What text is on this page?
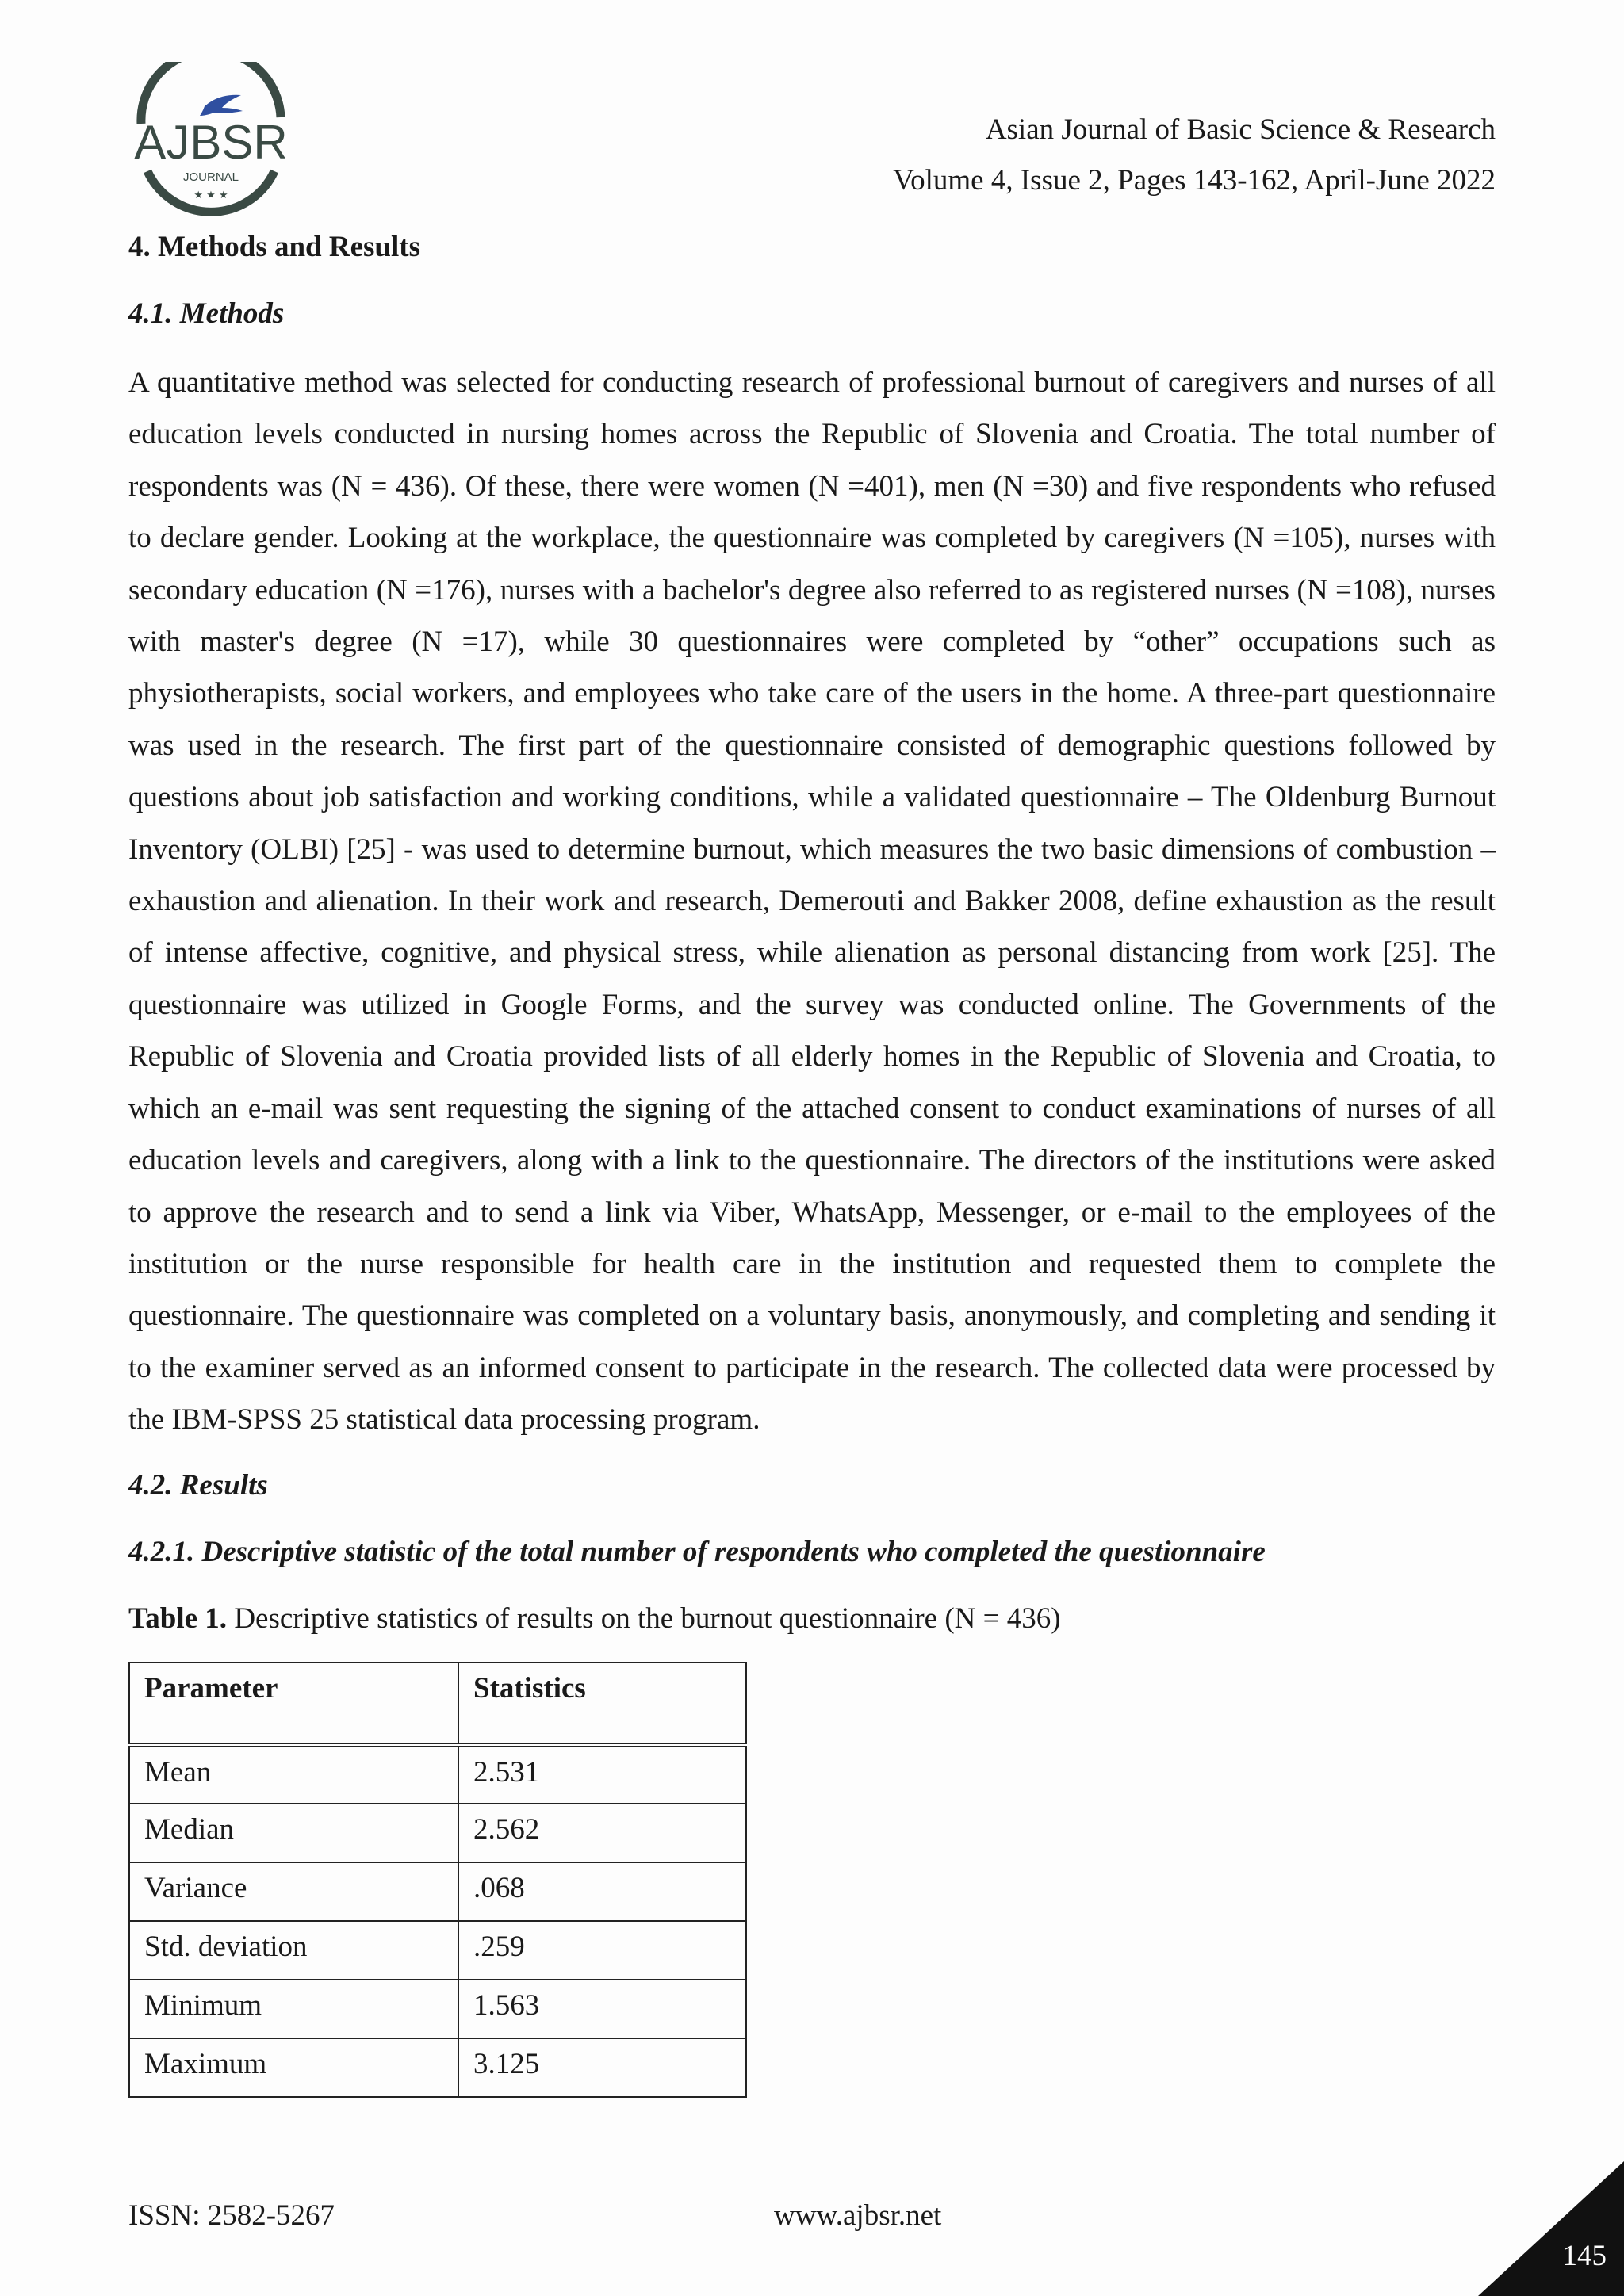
AJBSR
JOURNAL
★ ★ ★
Asian Journal of Basic Science & Research
Volume 4, Issue 2, Pages 143-162, April-June 2022
4. Methods and Results
4.1. Methods

A quantitative method was selected for conducting research of professional burnout of caregivers and nurses of all education levels conducted in nursing homes across the Republic of Slovenia and Croatia. The total number of respondents was (N = 436). Of these, there were women (N =401), men (N =30) and five respondents who refused to declare gender. Looking at the workplace, the questionnaire was completed by caregivers (N =105), nurses with secondary education (N =176), nurses with a bachelor's degree also referred to as registered nurses (N =108), nurses with master's degree (N =17), while 30 questionnaires were completed by “other” occupations such as physiotherapists, social workers, and employees who take care of the users in the home. A three-part questionnaire was used in the research. The first part of the questionnaire consisted of demographic questions followed by questions about job satisfaction and working conditions, while a validated questionnaire – The Oldenburg Burnout Inventory (OLBI) [25] - was used to determine burnout, which measures the two basic dimensions of combustion – exhaustion and alienation. In their work and research, Demerouti and Bakker 2008, define exhaustion as the result of intense affective, cognitive, and physical stress, while alienation as personal distancing from work [25]. The questionnaire was utilized in Google Forms, and the survey was conducted online. The Governments of the Republic of Slovenia and Croatia provided lists of all elderly homes in the Republic of Slovenia and Croatia, to which an e-mail was sent requesting the signing of the attached consent to conduct examinations of nurses of all education levels and caregivers, along with a link to the questionnaire. The directors of the institutions were asked to approve the research and to send a link via Viber, WhatsApp, Messenger, or e-mail to the employees of the institution or the nurse responsible for health care in the institution and requested them to complete the questionnaire. The questionnaire was completed on a voluntary basis, anonymously, and completing and sending it to the examiner served as an informed consent to participate in the research. The collected data were processed by the IBM-SPSS 25 statistical data processing program.

4.2. Results
4.2.1. Descriptive statistic of the total number of respondents who completed the questionnaire
Table 1. Descriptive statistics of results on the burnout questionnaire (N = 436)
Parameter	Statistics
Mean	2.531
Median	2.562
Variance	.068
Std. deviation	.259
Minimum	1.563
Maximum	3.125
ISSN: 2582-5267	www.ajbsr.net
145
